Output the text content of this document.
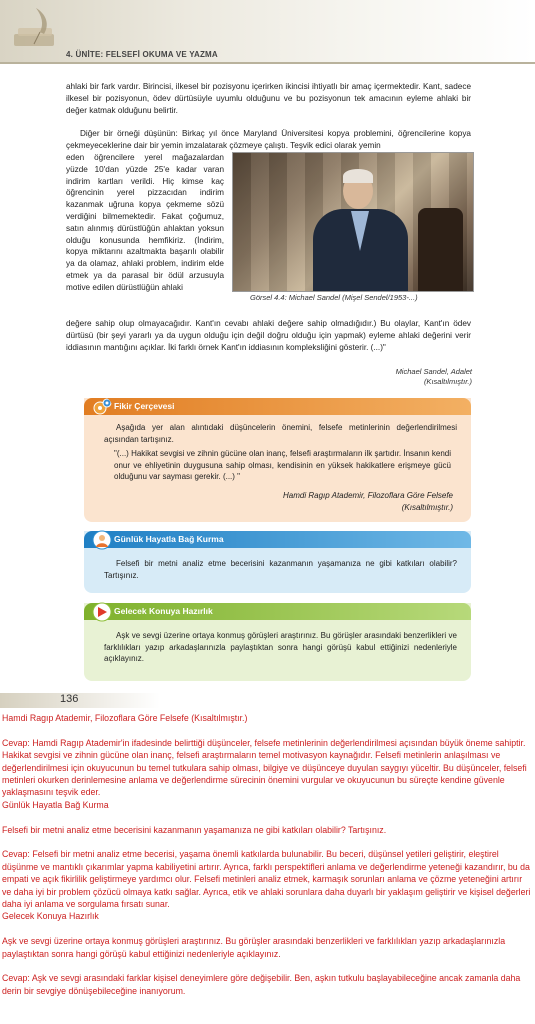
4. ÜNİTE: FELSEFİ OKUMA VE YAZMA
ahlaki bir fark vardır. Birincisi, ilkesel bir pozisyonu içerirken ikincisi ihtiyatlı bir amaç içermektedir. Kant, sadece ilkesel bir pozisyonun, ödev dürtüsüyle uyumlu olduğunu ve bu pozisyonun tek amacının eyleme ahlaki bir değer katmak olduğunu belirtir.
Diğer bir örneği düşünün: Birkaç yıl önce Maryland Üniversitesi kopya problemini, öğrencilerine kopya çekmeyeceklerine dair bir yemin imzalatarak çözmeye çalıştı. Teşvik edici olarak yemin
eden öğrencilere yerel mağazalardan yüzde 10'dan yüzde 25'e kadar varan indirim kartları verildi. Hiç kimse kaç öğrencinin yerel pizzacıdan indirim kazanmak uğruna kopya çekmeme sözü verdiğini bilmemektedir. Fakat çoğumuz, satın alınmış dürüstlüğün ahlaktan yoksun olduğu konusunda hemfikiriz. (İndirim, kopya miktarını azaltmakta başarılı olabilir ya da olamaz, ahlaki problem, indirim elde etmek ya da parasal bir ödül arzusuyla motive edilen dürüstlüğün ahlaki
Görsel 4.4: Michael Sandel (Mişel Sendel/1953-...)
değere sahip olup olmayacağıdır. Kant'ın cevabı ahlaki değere sahip olmadığıdır.) Bu olaylar, Kant'ın ödev dürtüsü (bir şeyi yararlı ya da uygun olduğu için değil doğru olduğu için yapmak) eyleme ahlaki değerini verir iddiasının mantığını açıklar. İki farklı örnek Kant'ın iddiasının kompleksliğini gösterir. (...)"
Michael Sandel, Adalet
(Kısaltılmıştır.)
Fikir Çerçevesi
Aşağıda yer alan alıntıdaki düşüncelerin önemini, felsefe metinlerinin değerlendirilmesi açısından tartışınız.
"(...) Hakikat sevgisi ve zihnin gücüne olan inanç, felsefi araştırmaların ilk şartıdır. İnsanın kendi onur ve ehliyetinin duygusuna sahip olması, kendisinin en yüksek hakikatlere erişmeye gücü olduğunu var sayması gerekir. (...) "
Hamdi Ragıp Atademir, Filozoflara Göre Felsefe
(Kısaltılmıştır.)
Günlük Hayatla Bağ Kurma
Felsefi bir metni analiz etme becerisini kazanmanın yaşamanıza ne gibi katkıları olabilir? Tartışınız.
Gelecek Konuya Hazırlık
Aşk ve sevgi üzerine ortaya konmuş görüşleri araştırınız. Bu görüşler arasındaki benzerlikleri ve farklılıkları yazıp arkadaşlarınızla paylaştıktan sonra hangi görüşü kabul ettiğinizi nedenleriyle açıklayınız.
136

Hamdi Ragıp Atademir, Filozoflara Göre Felsefe (Kısaltılmıştır.)

Cevap: Hamdi Ragıp Atademir'in ifadesinde belirttiği düşünceler, felsefe metinlerinin değerlendirilmesi açısından büyük öneme sahiptir. Hakikat sevgisi ve zihnin gücüne olan inanç, felsefi araştırmaların temel motivasyon kaynağıdır. Felsefi metinlerin anlaşılması ve değerlendirilmesi için okuyucunun bu temel tutkulara sahip olması, bilgiye ve düşünceye duyulan saygıyı yüceltir. Bu düşünceler, felsefi metinleri okurken derinlemesine anlama ve değerlendirme sürecinin önemini vurgular ve okuyucunun bu süreçte kendine güvenle yaklaşmasını teşvik eder.

Günlük Hayatla Bağ Kurma

Felsefi bir metni analiz etme becerisini kazanmanın yaşamanıza ne gibi katkıları olabilir? Tartışınız.

Cevap: Felsefi bir metni analiz etme becerisi, yaşama önemli katkılarda bulunabilir. Bu beceri, düşünsel yetileri geliştirir, eleştirel düşünme ve mantıklı çıkarımlar yapma kabiliyetini artırır. Ayrıca, farklı perspektifleri anlama ve değerlendirme yeteneği kazandırır, bu da empati ve açık fikirlilik geliştirmeye yardımcı olur. Felsefi metinleri analiz etmek, karmaşık sorunları anlama ve çözme yeteneğini artırır ve daha iyi bir problem çözücü olmaya katkı sağlar. Ayrıca, etik ve ahlaki sorunlara daha duyarlı bir yaklaşım geliştirir ve kişisel değerleri daha iyi anlama ve sorgulama fırsatı sunar.

Gelecek Konuya Hazırlık

Aşk ve sevgi üzerine ortaya konmuş görüşleri araştırınız. Bu görüşler arasındaki benzerlikleri ve farklılıkları yazıp arkadaşlarınızla paylaştıktan sonra hangi görüşü kabul ettiğinizi nedenleriyle açıklayınız.

Cevap: Aşk ve sevgi arasındaki farklar kişisel deneyimlere göre değişebilir. Ben, aşkın tutkulu başlayabileceğine ancak zamanla daha derin bir sevgiye dönüşebileceğine inanıyorum.
